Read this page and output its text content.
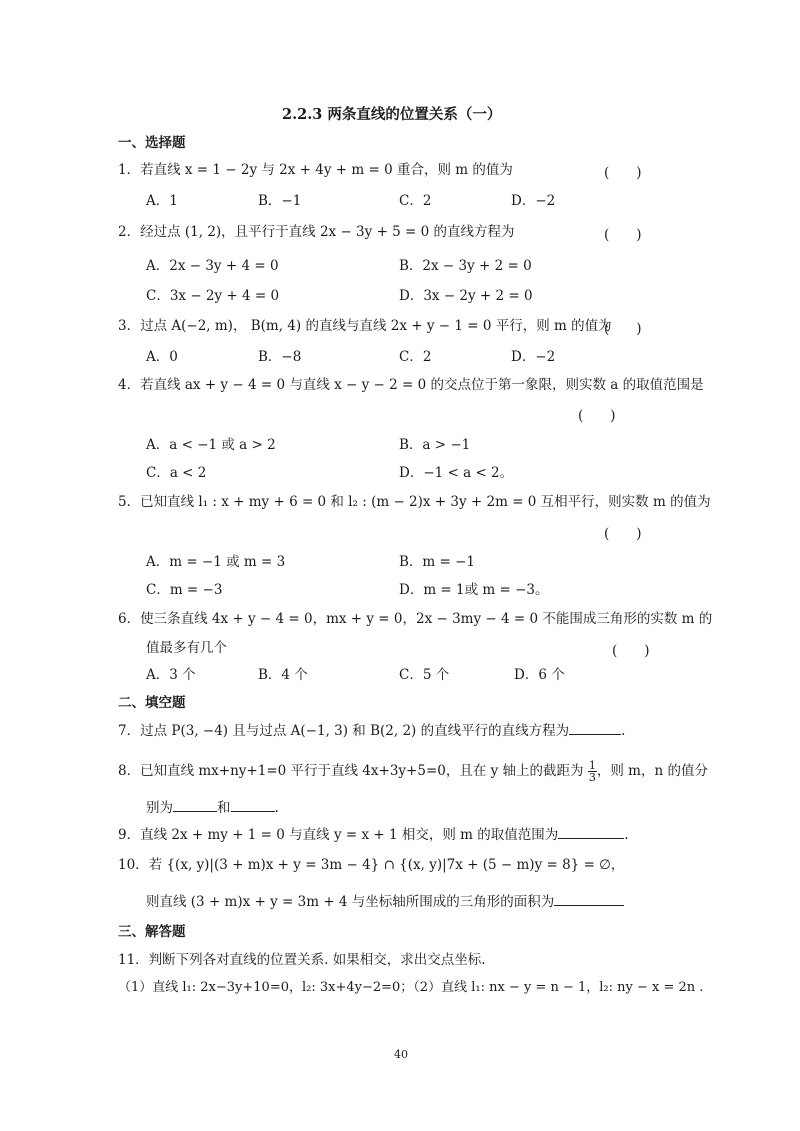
2.2.3 两条直线的位置关系（一）
一、选择题
1．若直线 x = 1 − 2y 与 2x + 4y + m = 0 重合，则 m 的值为	(　　)
A．1	B．−1	C．2	D．−2
2．经过点 (1, 2)，且平行于直线 2x − 3y + 5 = 0 的直线方程为	(　　)
A．2x − 3y + 4 = 0	B．2x − 3y + 2 = 0
C．3x − 2y + 4 = 0	D．3x − 2y + 2 = 0
3．过点 A(−2, m)， B(m, 4) 的直线与直线 2x + y − 1 = 0 平行，则 m 的值为
(　　)
A．0	B．−8	C．2	D．−2
4．若直线 ax + y − 4 = 0 与直线 x − y − 2 = 0 的交点位于第一象限，则实数 a 的取值范围是
(　　)
A．a < −1 或 a > 2	B．a > −1
C．a < 2	D．−1 < a < 2。
5．已知直线 l₁ : x + my + 6 = 0 和 l₂ : (m − 2)x + 3y + 2m = 0 互相平行，则实数 m 的值为
(　　)
A．m = −1 或 m = 3	B．m = −1
C．m = −3	D．m = 1或 m = −3。
6．使三条直线 4x + y − 4 = 0，mx + y = 0，2x − 3my − 4 = 0 不能围成三角形的实数 m 的
值最多有几个	(　　)
A．3 个	B．4 个	C．5 个	D．6 个
二、填空题
7．过点 P(3, −4) 且与过点 A(−1, 3) 和 B(2, 2) 的直线平行的直线方程为	.
8．已知直线 mx+ny+1=0 平行于直线 4x+3y+5=0，且在 y 轴上的截距为 $\frac{1}{3}$ ，则 m，n 的值分
别为	和	.
9．直线 2x + my + 1 = 0 与直线 y = x + 1 相交，则 m 的取值范围为	.
10．若 {(x, y)|(3 + m)x + y = 3m − 4} ∩ {(x, y)|7x + (5 − m)y = 8} = ∅，
则直线 (3 + m)x + y = 3m + 4 与坐标轴所围成的三角形的面积为
三、解答题
11．判断下列各对直线的位置关系. 如果相交，求出交点坐标.
（1）直线 l₁: 2x−3y+10=0，l₂: 3x+4y−2=0；（2）直线 l₁: nx − y = n − 1，l₂: ny − x = 2n .
40
